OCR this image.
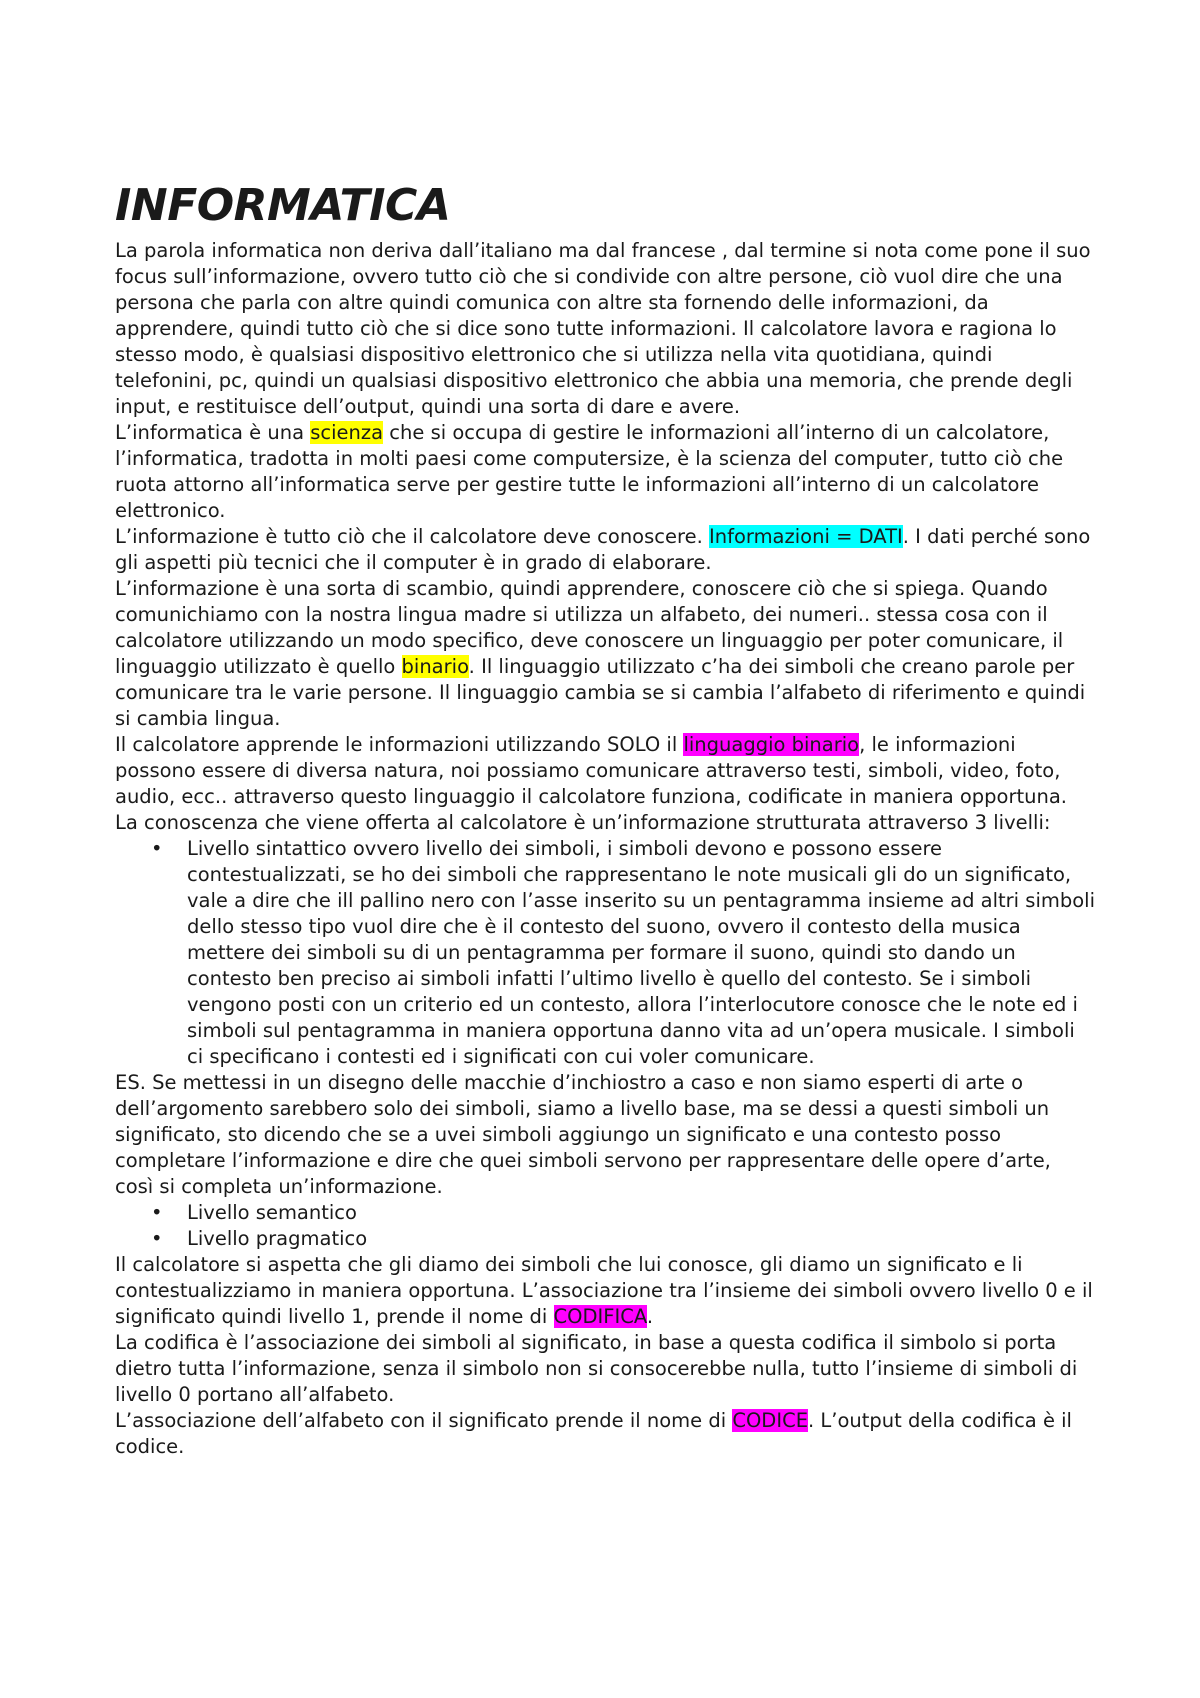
INFORMATICA

La parola informatica non deriva dall’italiano ma dal francese , dal termine si nota come pone il suo focus sull’informazione, ovvero tutto ciò che si condivide con altre persone, ciò vuol dire che una persona che parla con altre quindi comunica con altre sta fornendo delle informazioni, da apprendere, quindi tutto ciò che si dice sono tutte informazioni. Il calcolatore lavora e ragiona lo stesso modo, è qualsiasi dispositivo elettronico che si utilizza nella vita quotidiana, quindi telefonini, pc, quindi un qualsiasi dispositivo elettronico che abbia una memoria, che prende degli input, e restituisce dell’output, quindi una sorta di dare e avere.

L’informatica è una scienza che si occupa di gestire le informazioni all’interno di un calcolatore, l’informatica, tradotta in molti paesi come computersize, è la scienza del computer, tutto ciò che ruota attorno all’informatica serve per gestire tutte le informazioni all’interno di un calcolatore elettronico.

L’informazione è tutto ciò che il calcolatore deve conoscere. Informazioni = DATI. I dati perché sono gli aspetti più tecnici che il computer è in grado di elaborare.

L’informazione è una sorta di scambio, quindi apprendere, conoscere ciò che si spiega. Quando comunichiamo con la nostra lingua madre si utilizza un alfabeto, dei numeri.. stessa cosa con il calcolatore utilizzando un modo specifico, deve conoscere un linguaggio per poter comunicare, il linguaggio utilizzato è quello binario. Il linguaggio utilizzato c’ha dei simboli che creano parole per comunicare tra le varie persone. Il linguaggio cambia se si cambia l’alfabeto di riferimento e quindi si cambia lingua.

Il calcolatore apprende le informazioni utilizzando SOLO il linguaggio binario, le informazioni possono essere di diversa natura, noi possiamo comunicare attraverso testi, simboli, video, foto, audio, ecc.. attraverso questo linguaggio il calcolatore funziona, codificate in maniera opportuna.

La conoscenza che viene offerta al calcolatore è un’informazione strutturata attraverso 3 livelli:

• Livello sintattico ovvero livello dei simboli, i simboli devono e possono essere contestualizzati, se ho dei simboli che rappresentano le note musicali gli do un significato, vale a dire che ill pallino nero con l’asse inserito su un pentagramma insieme ad altri simboli dello stesso tipo vuol dire che è il contesto del suono, ovvero il contesto della musica mettere dei simboli su di un pentagramma per formare il suono, quindi sto dando un contesto ben preciso ai simboli infatti l’ultimo livello è quello del contesto. Se i simboli vengono posti con un criterio ed un contesto, allora l’interlocutore conosce che le note ed i simboli sul pentagramma in maniera opportuna danno vita ad un’opera musicale. I simboli ci specificano i contesti ed i significati con cui voler comunicare.

ES. Se mettessi in un disegno delle macchie d’inchiostro a caso e non siamo esperti di arte o dell’argomento sarebbero solo dei simboli, siamo a livello base, ma se dessi a questi simboli un significato, sto dicendo che se a uvei simboli aggiungo un significato e una contesto posso completare l’informazione e dire che quei simboli servono per rappresentare delle opere d’arte, così si completa un’informazione.

• Livello semantico
• Livello pragmatico

Il calcolatore si aspetta che gli diamo dei simboli che lui conosce, gli diamo un significato e li contestualizziamo in maniera opportuna. L’associazione tra l’insieme dei simboli ovvero livello 0 e il significato quindi livello 1, prende il nome di CODIFICA.

La codifica è l’associazione dei simboli al significato, in base a questa codifica il simbolo si porta dietro tutta l’informazione, senza il simbolo non si consocerebbe nulla, tutto l’insieme di simboli di livello 0 portano all’alfabeto.

L’associazione dell’alfabeto con il significato prende il nome di CODICE. L’output della codifica è il codice.
